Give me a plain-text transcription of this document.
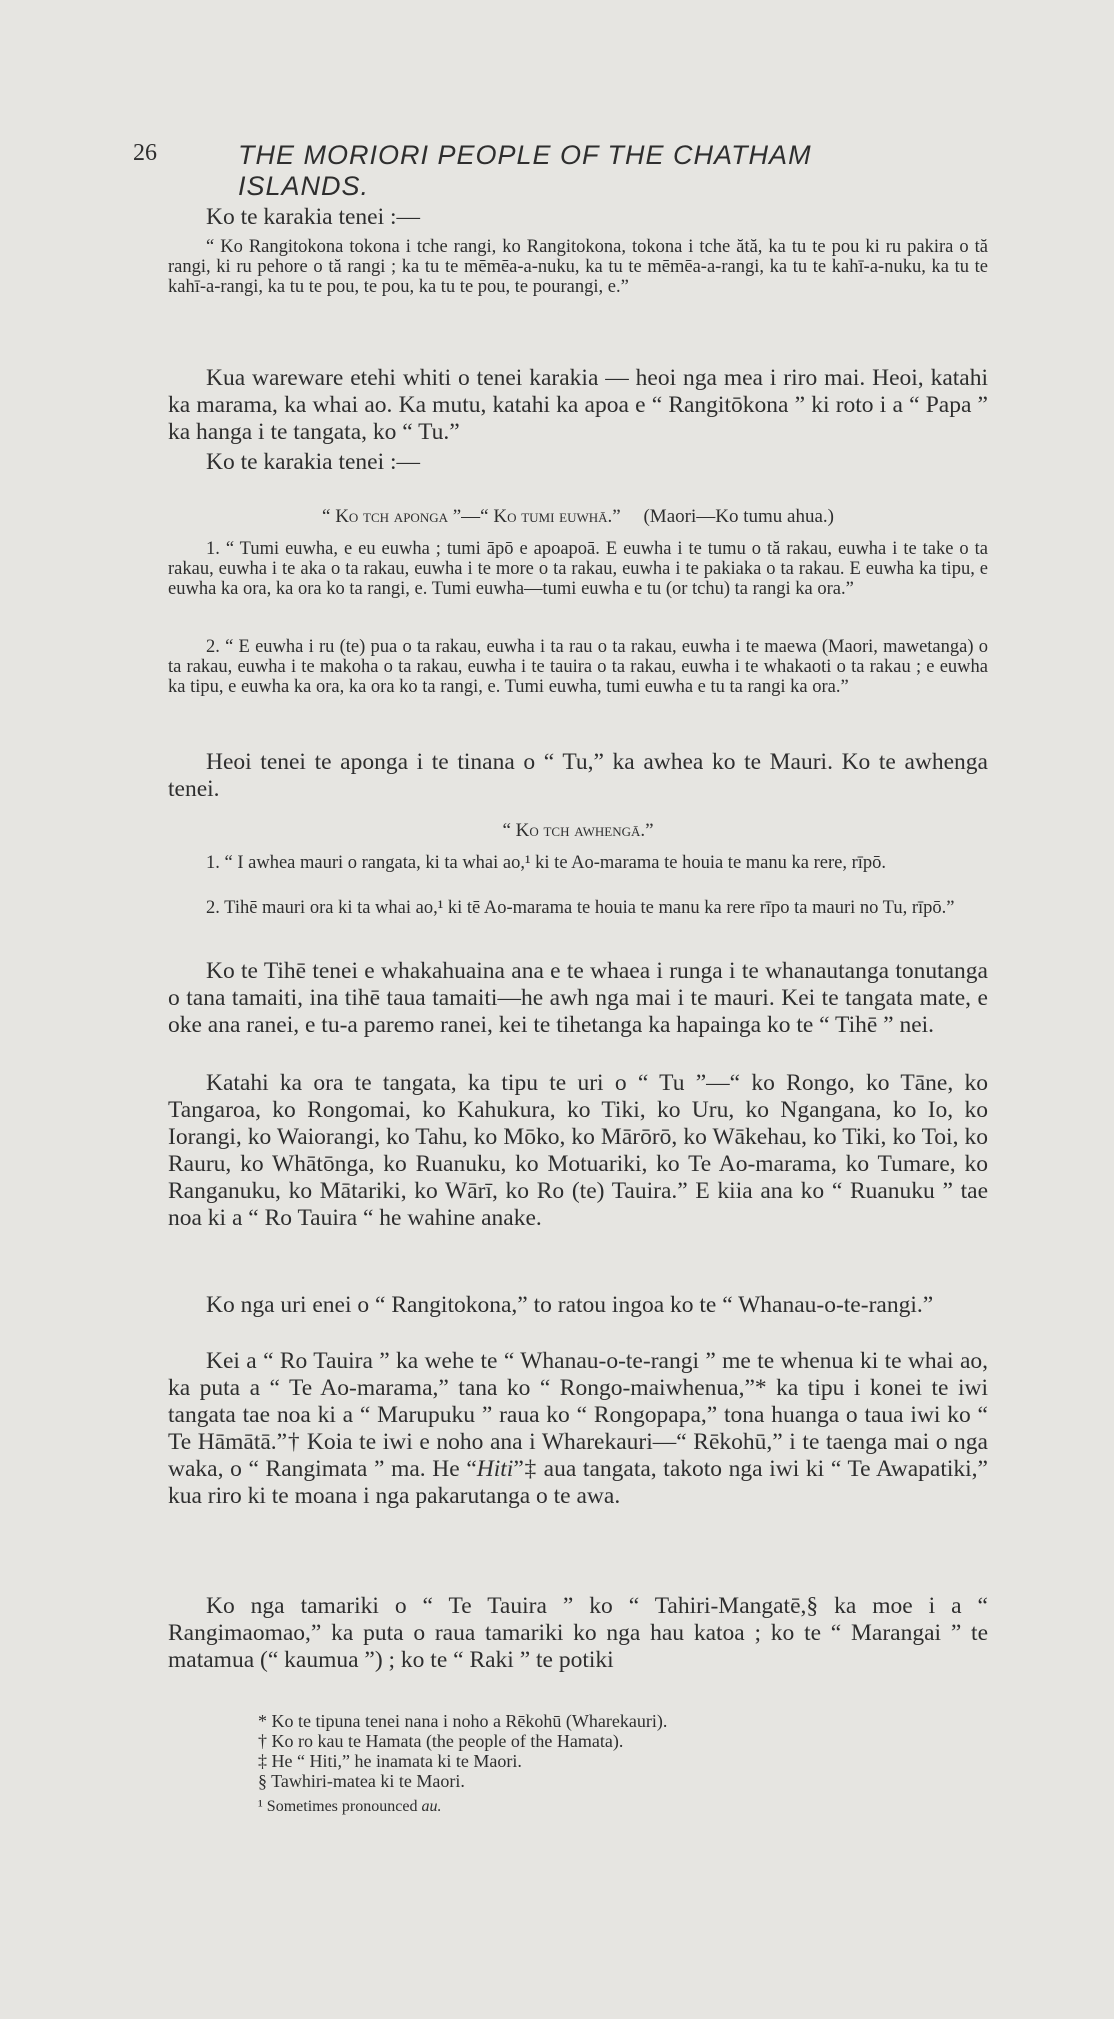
26	THE MORIORI PEOPLE OF THE CHATHAM ISLANDS.

Ko te karakia tenei :—

“ Ko Rangitokona tokona i tche rangi, ko Rangitokona, tokona i tche ătă, ka tu te pou ki ru pakira o tă rangi, ki ru pehore o tă rangi ; ka tu te mēmēa-a-nuku, ka tu te mēmēa-a-rangi, ka tu te kahī-a-nuku, ka tu te kahī-a-rangi, ka tu te pou, te pou, ka tu te pou, te pourangi, e.”

Kua wareware etehi whiti o tenei karakia — heoi nga mea i riro mai. Heoi, katahi ka marama, ka whai ao. Ka mutu, katahi ka apoa e “ Rangitōkona ” ki roto i a “ Papa ” ka hanga i te tangata, ko “ Tu.”

Ko te karakia tenei :—

“ Ko tch aponga ”—“ Ko tumi euwhā.” (Maori—Ko tumu ahua.)

1. “ Tumi euwha, e eu euwha ; tumi āpō e apoapoā. E euwha i te tumu o tă rakau, euwha i te take o ta rakau, euwha i te aka o ta rakau, euwha i te more o ta rakau, euwha i te pakiaka o ta rakau. E euwha ka tipu, e euwha ka ora, ka ora ko ta rangi, e. Tumi euwha—tumi euwha e tu (or tchu) ta rangi ka ora.”

2. “ E euwha i ru (te) pua o ta rakau, euwha i ta rau o ta rakau, euwha i te maewa (Maori, mawetanga) o ta rakau, euwha i te makoha o ta rakau, euwha i te tauira o ta rakau, euwha i te whakaoti o ta rakau ; e euwha ka tipu, e euwha ka ora, ka ora ko ta rangi, e. Tumi euwha, tumi euwha e tu ta rangi ka ora.”

Heoi tenei te aponga i te tinana o “ Tu,” ka awhea ko te Mauri. Ko te awhenga tenei.

“ Ko tch awhengā.”

1. “ I awhea mauri o rangata, ki ta whai ao,¹ ki te Ao-marama te houia te manu ka rere, rīpō.

2. Tihē mauri ora ki ta whai ao,¹ ki tē Ao-marama te houia te manu ka rere rīpo ta mauri no Tu, rīpō.”

Ko te Tihē tenei e whakahuaina ana e te whaea i runga i te whanautanga tonutanga o tana tamaiti, ina tihē taua tamaiti—he awh nga mai i te mauri. Kei te tangata mate, e oke ana ranei, e tu-a paremo ranei, kei te tihetanga ka hapainga ko te “ Tihē ” nei.

Katahi ka ora te tangata, ka tipu te uri o “ Tu ”—“ ko Rongo, ko Tāne, ko Tangaroa, ko Rongomai, ko Kahukura, ko Tiki, ko Uru, ko Ngangana, ko Io, ko Iorangi, ko Waiorangi, ko Tahu, ko Mōko, ko Mārōrō, ko Wākehau, ko Tiki, ko Toi, ko Rauru, ko Whātōnga, ko Ruanuku, ko Motuariki, ko Te Ao-marama, ko Tumare, ko Ranganuku, ko Mātariki, ko Wārī, ko Ro (te) Tauira.” E kiia ana ko “ Ruanuku ” tae noa ki a “ Ro Tauira “ he wahine anake.

Ko nga uri enei o “ Rangitokona,” to ratou ingoa ko te “ Whanau-o-te-rangi.”

Kei a “ Ro Tauira ” ka wehe te “ Whanau-o-te-rangi ” me te whenua ki te whai ao, ka puta a “ Te Ao-marama,” tana ko “ Rongo-maiwhenua,”* ka tipu i konei te iwi tangata tae noa ki a “ Marupuku ” raua ko “ Rongopapa,” tona huanga o taua iwi ko “ Te Hāmātā.”† Koia te iwi e noho ana i Wharekauri—“ Rēkohū,” i te taenga mai o nga waka, o “ Rangimata ” ma. He “Hiti”‡ aua tangata, takoto nga iwi ki “ Te Awapatiki,” kua riro ki te moana i nga pakarutanga o te awa.

Ko nga tamariki o “ Te Tauira ” ko “ Tahiri-Mangatē,§ ka moe i a “ Rangimaomao,” ka puta o raua tamariki ko nga hau katoa ; ko te “ Marangai ” te matamua (“ kaumua ”) ; ko te “ Raki ” te potiki

* Ko te tipuna tenei nana i noho a Rēkohū (Wharekauri).

† Ko ro kau te Hamata (the people of the Hamata).

‡ He “ Hiti,” he inamata ki te Maori.

§ Tawhiri-matea ki te Maori.

¹ Sometimes pronounced au.
